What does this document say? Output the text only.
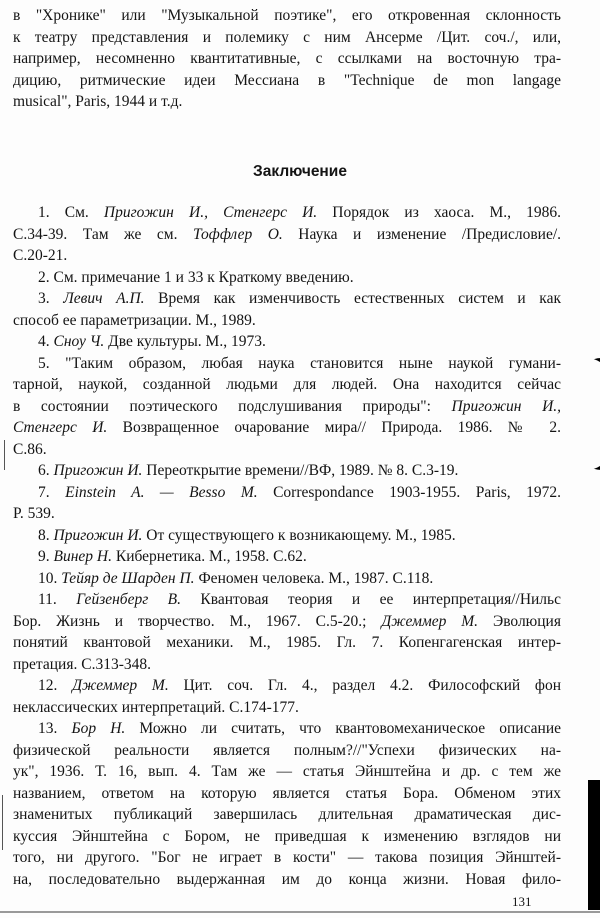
в "Хронике" или "Музыкальной поэтике", его откровенная склонность
к театру представления и полемику с ним Ансерме /Цит. соч./, или,
например, несомненно квантитативные, с ссылками на восточную тра-
дицию, ритмические идеи Мессиана в "Technique de mon langage
musical", Paris, 1944 и т.д.
Заключение
1. См. Пригожин И., Стенгерс И. Порядок из хаоса. М., 1986.
С.34-39. Там же см. Тоффлер О. Наука и изменение /Предисловие/.
С.20-21.
2. См. примечание 1 и 33 к Краткому введению.
3. Левич А.П. Время как изменчивость естественных систем и как
способ ее параметризации. М., 1989.
4. Сноу Ч. Две культуры. М., 1973.
5. "Таким образом, любая наука становится ныне наукой гумани-
тарной, наукой, созданной людьми для людей. Она находится сейчас
в состоянии поэтического подслушивания природы": Пригожин И.,
Стенгерс И. Возвращенное очарование мира// Природа. 1986. № 2.
С.86.
6. Пригожин И. Переоткрытие времени//ВФ, 1989. № 8. С.3-19.
7. Einstein A. — Besso M. Correspondance 1903-1955. Paris, 1972.
P. 539.
8. Пригожин И. От существующего к возникающему. М., 1985.
9. Винер Н. Кибернетика. М., 1958. С.62.
10. Тейяр де Шарден П. Феномен человека. М., 1987. С.118.
11. Гейзенберг В. Квантовая теория и ее интерпретация//Нильс
Бор. Жизнь и творчество. М., 1967. С.5-20.; Джеммер М. Эволюция
понятий квантовой механики. М., 1985. Гл. 7. Копенгагенская интер-
претация. С.313-348.
12. Джеммер М. Цит. соч. Гл. 4., раздел 4.2. Философский фон
неклассических интерпретаций. С.174-177.
13. Бор Н. Можно ли считать, что квантовомеханическое описание
физической реальности является полным?//"Успехи физических на-
ук", 1936. Т. 16, вып. 4. Там же — статья Эйнштейна и др. с тем же
названием, ответом на которую является статья Бора. Обменом этих
знаменитых публикаций завершилась длительная драматическая дис-
куссия Эйнштейна с Бором, не приведшая к изменению взглядов ни
того, ни другого. "Бог не играет в кости" — такова позиция Эйнштей-
на, последовательно выдержанная им до конца жизни. Новая фило-
131
